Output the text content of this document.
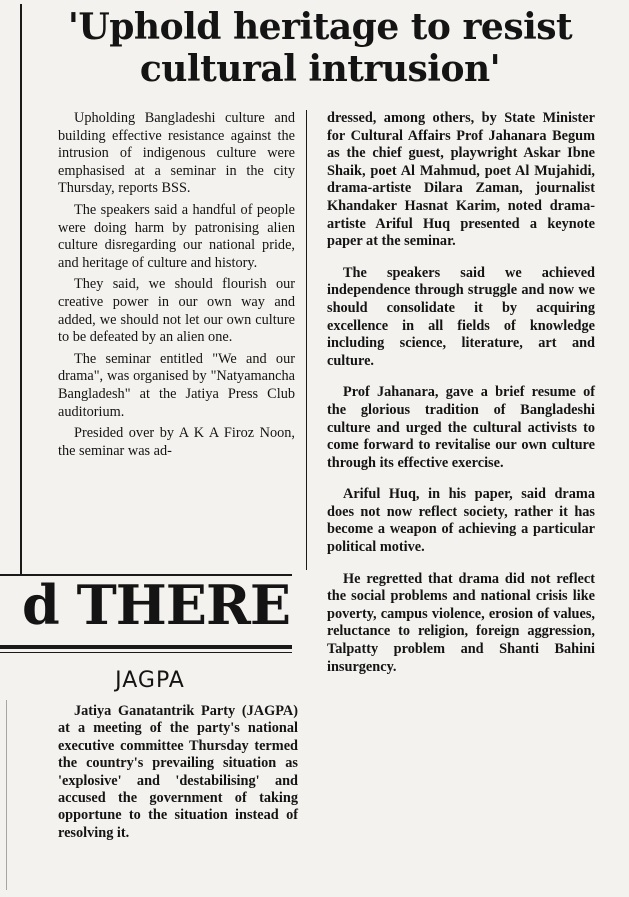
'Uphold heritage to resist cultural intrusion'

Upholding Bangladeshi culture and building effective resistance against the intrusion of indigenous culture were emphasised at a seminar in the city Thursday, reports BSS.

The speakers said a handful of people were doing harm by patronising alien culture disregarding our national pride, and heritage of culture and history.

They said, we should flourish our creative power in our own way and added, we should not let our own culture to be defeated by an alien one.

The seminar entitled "We and our drama", was organised by "Natyamancha Bangladesh" at the Jatiya Press Club auditorium.

Presided over by A K A Firoz Noon, the seminar was ad-

dressed, among others, by State Minister for Cultural Affairs Prof Jahanara Begum as the chief guest, playwright Askar Ibne Shaik, poet Al Mahmud, poet Al Mujahidi, drama-artiste Dilara Zaman, journalist Khandaker Hasnat Karim, noted drama-artiste Ariful Huq presented a keynote paper at the seminar.

The speakers said we achieved independence through struggle and now we should consolidate it by acquiring excellence in all fields of knowledge including science, literature, art and culture.

Prof Jahanara, gave a brief resume of the glorious tradition of Bangladeshi culture and urged the cultural activists to come forward to revitalise our own culture through its effective exercise.

Ariful Huq, in his paper, said drama does not now reflect society, rather it has become a weapon of achieving a particular political motive.

He regretted that drama did not reflect the social problems and national crisis like poverty, campus violence, erosion of values, reluctance to religion, foreign aggression, Talpatty problem and Shanti Bahini insurgency.

d THERE
JAGPA

Jatiya Ganatantrik Party (JAGPA) at a meeting of the party's national executive committee Thursday termed the country's prevailing situation as 'explosive' and 'destabilising' and accused the government of taking opportune to the situation instead of resolving it.
